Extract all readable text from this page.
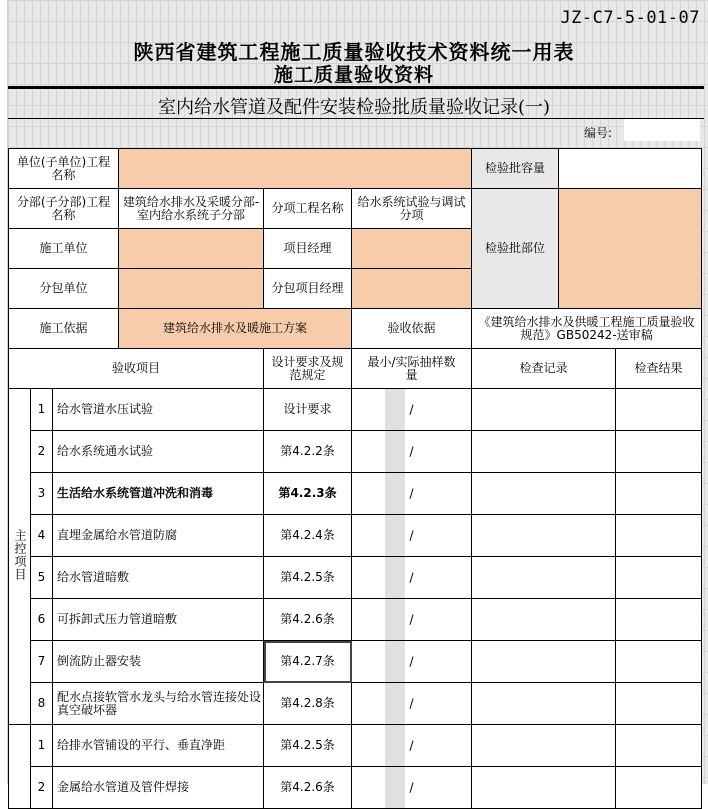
JZ-C7-5-01-07
陕西省建筑工程施工质量验收技术资料统一用表
施工质量验收资料
室内给水管道及配件安装检验批质量验收记录(一)
编号:
单位(子单位)工程名称						检验批容量		
分部(子分部)工程名称			建筑给水排水及采暖分部-室内给水系统子分部	分项工程名称	给水系统试验与调试分项	检验批部位		
施工单位				项目经理				
分包单位				分包项目经理				
施工依据			建筑给水排水及暖施工方案		验收依据	《建筑给水排水及供暖工程施工质量验收规范》GB50242-送审稿		
验收项目				设计要求及规范规定	最小/实际抽样数量	检查记录		检查结果
主控项目	1	给水管道水压试验		设计要求	/			

	2	给水系统通水试验		第4.2.2条	/			

	3	生活给水系统管道冲洗和消毒		第4.2.3条	/			

	4	直埋金属给水管道防腐		第4.2.4条	/			

	5	给水管道暗敷		第4.2.5条	/			

	6	可拆卸式压力管道暗敷		第4.2.6条	/			

	7	倒流防止器安装		第4.2.7条	/			

	8	配水点接软管水龙头与给水管连接处设真空破坏器		第4.2.8条	/			

	1	给排水管铺设的平行、垂直净距		第4.2.5条	/			

	2	金属给水管道及管件焊接		第4.2.6条	/			
